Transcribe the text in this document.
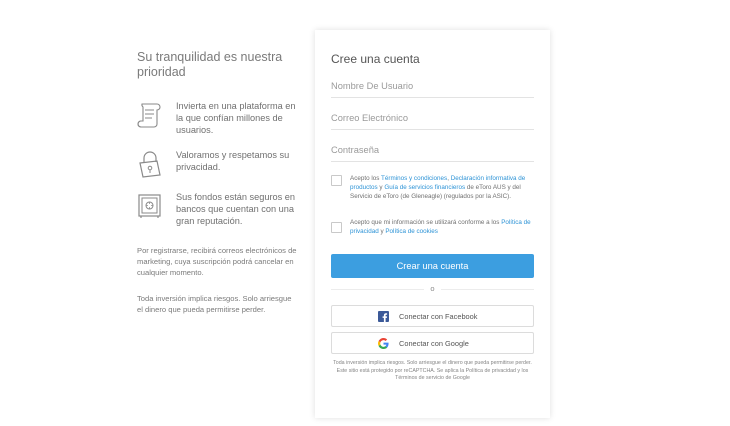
Su tranquilidad es nuestra prioridad
Invierta en una plataforma en la que confían millones de usuarios.
Valoramos y respetamos su privacidad.
Sus fondos están seguros en bancos que cuentan con una gran reputación.
Por registrarse, recibirá correos electrónicos de marketing, cuya suscripción podrá cancelar en cualquier momento.
Toda inversión implica riesgos. Solo arriesgue el dinero que pueda permitirse perder.
Cree una cuenta
Nombre De Usuario
Correo Electrónico
Acepto los Términos y condiciones, Declaración informativa de productos y Guía de servicios financieros de eToro AUS y del Servicio de eToro (de Gleneagle) (regulados por la ASIC).
Acepto que mi información se utilizará conforme a los Política de privacidad y Política de cookies
Crear una cuenta
o
Conectar con Facebook
Conectar con Google
Toda inversión implica riesgos. Solo arriesgue el dinero que pueda permitirse perder. Este sitio está protegido por reCAPTCHA. Se aplica la Política de privacidad y los Términos de servicio de Google
